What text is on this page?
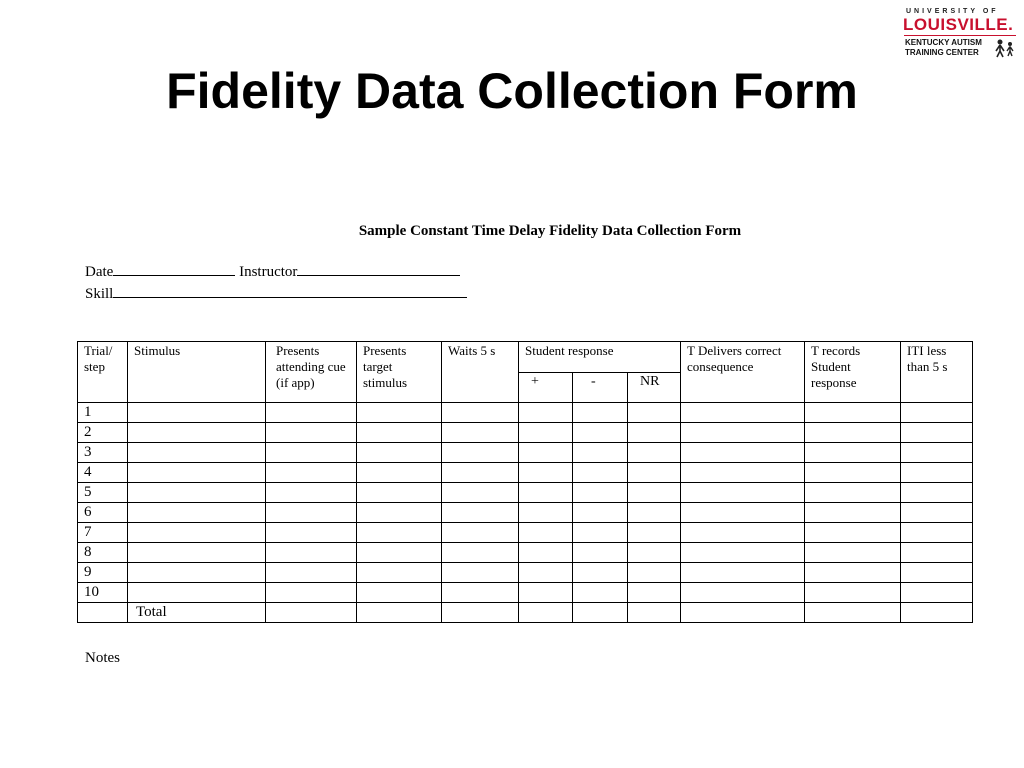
UNIVERSITY OF
LOUISVILLE.
KENTUCKY AUTISM
TRAINING CENTER
Fidelity Data Collection Form
Sample Constant Time Delay Fidelity Data Collection Form
Date	Instructor
Skill
Trial/ step	Stimulus	Presents attending cue (if app)	Presents target stimulus	Waits 5 s	Student response			T Delivers correct consequence	T records Student response	ITI less than 5 s
					+	-	NR			
1										
2										
3										
4										
5										
6										
7										
8										
9										
10										
	Total									
Notes
